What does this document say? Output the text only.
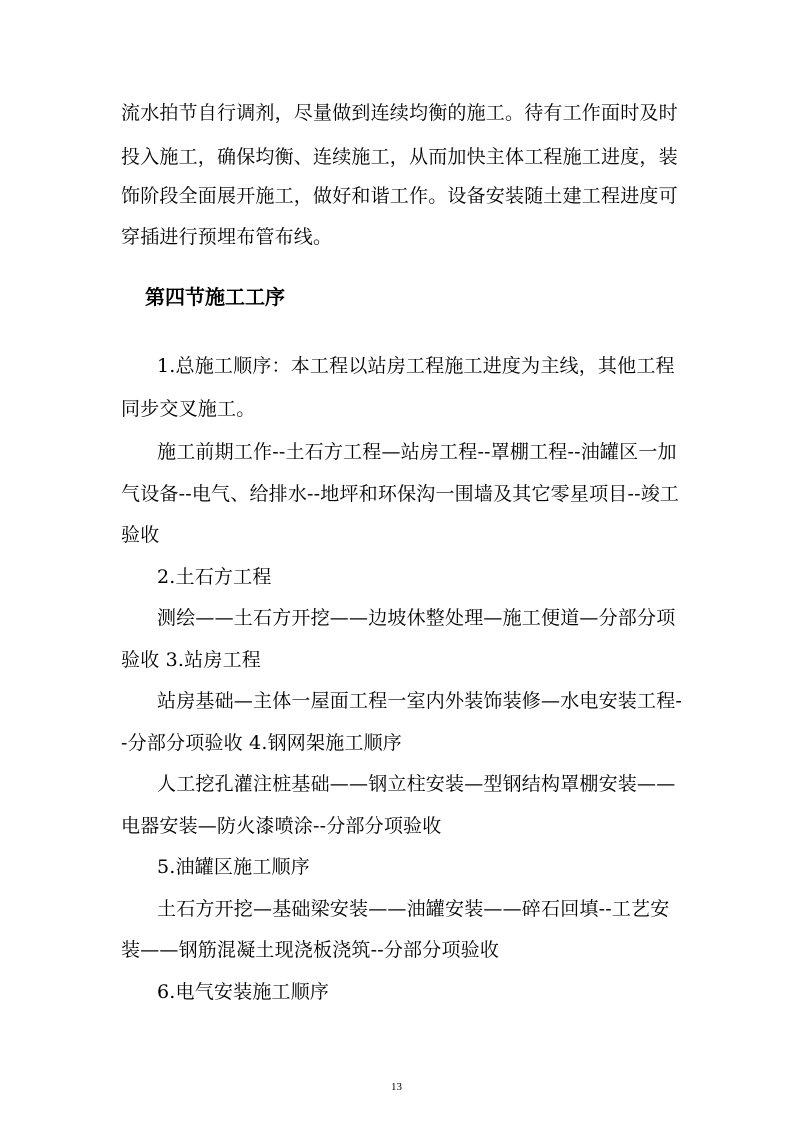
流水拍节自行调剂，尽量做到连续均衡的施工。待有工作面时及时
投入施工，确保均衡、连续施工，从而加快主体工程施工进度，装
饰阶段全面展开施工，做好和谐工作。设备安装随土建工程进度可
穿插进行预埋布管布线。
第四节施工工序
1.总施工顺序：本工程以站房工程施工进度为主线，其他工程
同步交叉施工。
施工前期工作--土石方工程—站房工程--罩棚工程--油罐区一加
气设备--电气、给排水--地坪和环保沟一围墙及其它零星项目--竣工
验收
2.土石方工程
测绘——土石方开挖——边坡休整处理—施工便道—分部分项
验收 3.站房工程
站房基础—主体一屋面工程一室内外装饰装修—水电安装工程-
-分部分项验收 4.钢网架施工顺序
人工挖孔灌注桩基础——钢立柱安装—型钢结构罩棚安装——
电器安装—防火漆喷涂--分部分项验收
5.油罐区施工顺序
土石方开挖—基础梁安装——油罐安装——碎石回填--工艺安
装——钢筋混凝土现浇板浇筑--分部分项验收
6.电气安装施工顺序
13
